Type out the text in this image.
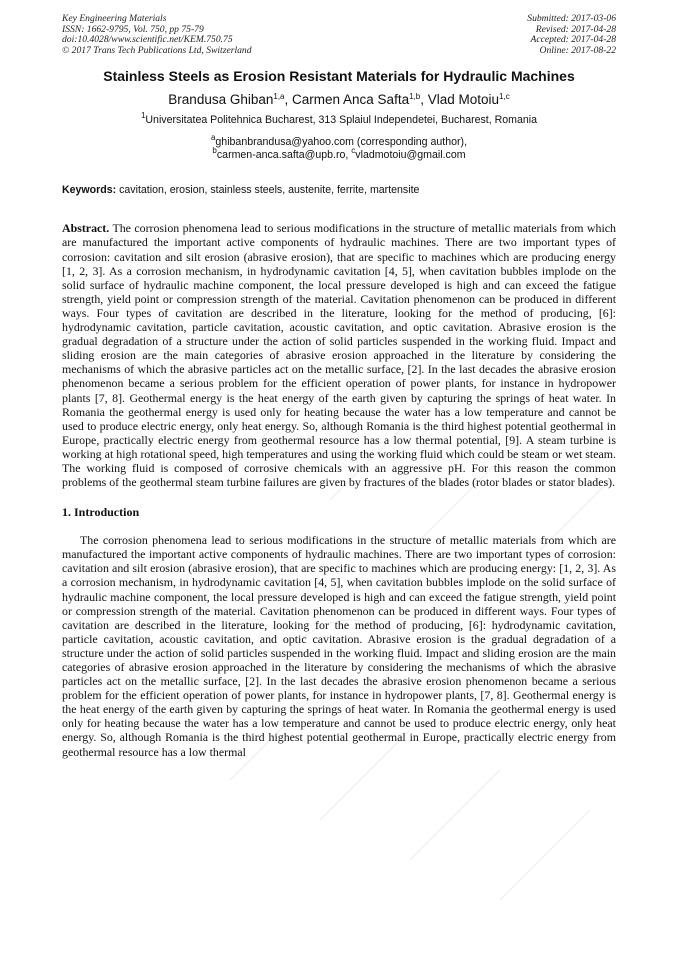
Key Engineering Materials
ISSN: 1662-9795, Vol. 750, pp 75-79
doi:10.4028/www.scientific.net/KEM.750.75
© 2017 Trans Tech Publications Ltd, Switzerland
Submitted: 2017-03-06
Revised: 2017-04-28
Accepted: 2017-04-28
Online: 2017-08-22
Stainless Steels as Erosion Resistant Materials for Hydraulic Machines
Brandusa Ghiban$^{1,a}$, Carmen Anca Safta$^{1,b}$, Vlad Motoiu$^{1,c}$
$^1$Universitatea Politehnica Bucharest, 313 Splaiul Independetei, Bucharest, Romania
$^a$ghibanbrandusa@yahoo.com (corresponding author),
$^b$carmen-anca.safta@upb.ro, $^c$vladmotoiu@gmail.com
Keywords: cavitation, erosion, stainless steels, austenite, ferrite, martensite

Abstract. The corrosion phenomena lead to serious modifications in the structure of metallic materials from which are manufactured the important active components of hydraulic machines. There are two important types of corrosion: cavitation and silt erosion (abrasive erosion), that are specific to machines which are producing energy [1, 2, 3]. As a corrosion mechanism, in hydrodynamic cavitation [4, 5], when cavitation bubbles implode on the solid surface of hydraulic machine component, the local pressure developed is high and can exceed the fatigue strength, yield point or compression strength of the material. Cavitation phenomenon can be produced in different ways. Four types of cavitation are described in the literature, looking for the method of producing, [6]: hydrodynamic cavitation, particle cavitation, acoustic cavitation, and optic cavitation. Abrasive erosion is the gradual degradation of a structure under the action of solid particles suspended in the working fluid. Impact and sliding erosion are the main categories of abrasive erosion approached in the literature by considering the mechanisms of which the abrasive particles act on the metallic surface, [2]. In the last decades the abrasive erosion phenomenon became a serious problem for the efficient operation of power plants, for instance in hydropower plants [7, 8]. Geothermal energy is the heat energy of the earth given by capturing the springs of heat water. In Romania the geothermal energy is used only for heating because the water has a low temperature and cannot be used to produce electric energy, only heat energy. So, although Romania is the third highest potential geothermal in Europe, practically electric energy from geothermal resource has a low thermal potential, [9]. A steam turbine is working at high rotational speed, high temperatures and using the working fluid which could be steam or wet steam. The working fluid is composed of corrosive chemicals with an aggressive pH. For this reason the common problems of the geothermal steam turbine failures are given by fractures of the blades (rotor blades or stator blades).

1. Introduction

The corrosion phenomena lead to serious modifications in the structure of metallic materials from which are manufactured the important active components of hydraulic machines. There are two important types of corrosion: cavitation and silt erosion (abrasive erosion), that are specific to machines which are producing energy: [1, 2, 3]. As a corrosion mechanism, in hydrodynamic cavitation [4, 5], when cavitation bubbles implode on the solid surface of hydraulic machine component, the local pressure developed is high and can exceed the fatigue strength, yield point or compression strength of the material. Cavitation phenomenon can be produced in different ways. Four types of cavitation are described in the literature, looking for the method of producing, [6]: hydrodynamic cavitation, particle cavitation, acoustic cavitation, and optic cavitation. Abrasive erosion is the gradual degradation of a structure under the action of solid particles suspended in the working fluid. Impact and sliding erosion are the main categories of abrasive erosion approached in the literature by considering the mechanisms of which the abrasive particles act on the metallic surface, [2]. In the last decades the abrasive erosion phenomenon became a serious problem for the efficient operation of power plants, for instance in hydropower plants, [7, 8]. Geothermal energy is the heat energy of the earth given by capturing the springs of heat water. In Romania the geothermal energy is used only for heating because the water has a low temperature and cannot be used to produce electric energy, only heat energy. So, although Romania is the third highest potential geothermal in Europe, practically electric energy from geothermal resource has a low thermal
